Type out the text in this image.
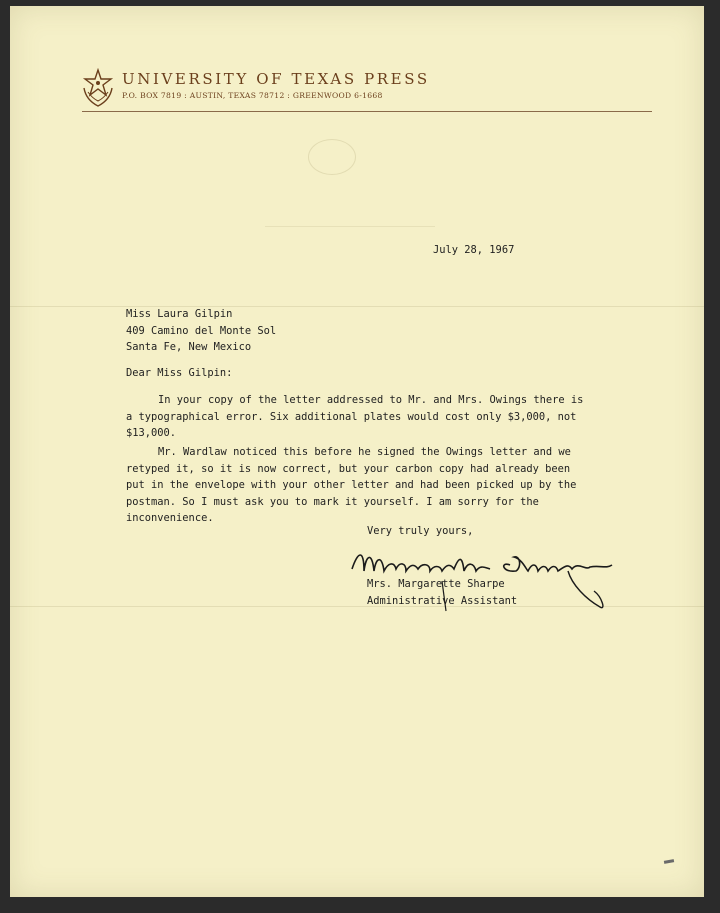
UNIVERSITY OF TEXAS PRESS
P.O. BOX 7819 : AUSTIN, TEXAS 78712 : GREENWOOD 6-1668
July 28, 1967
Miss Laura Gilpin
409 Camino del Monte Sol
Santa Fe, New Mexico
Dear Miss Gilpin:
In your copy of the letter addressed to Mr. and Mrs. Owings there is
a typographical error. Six additional plates would cost only $3,000, not
$13,000.
Mr. Wardlaw noticed this before he signed the Owings letter and we
retyped it, so it is now correct, but your carbon copy had already been
put in the envelope with your other letter and had been picked up by the
postman. So I must ask you to mark it yourself. I am sorry for the
inconvenience.
Very truly yours,
Mrs. Margarette Sharpe
Administrative Assistant
